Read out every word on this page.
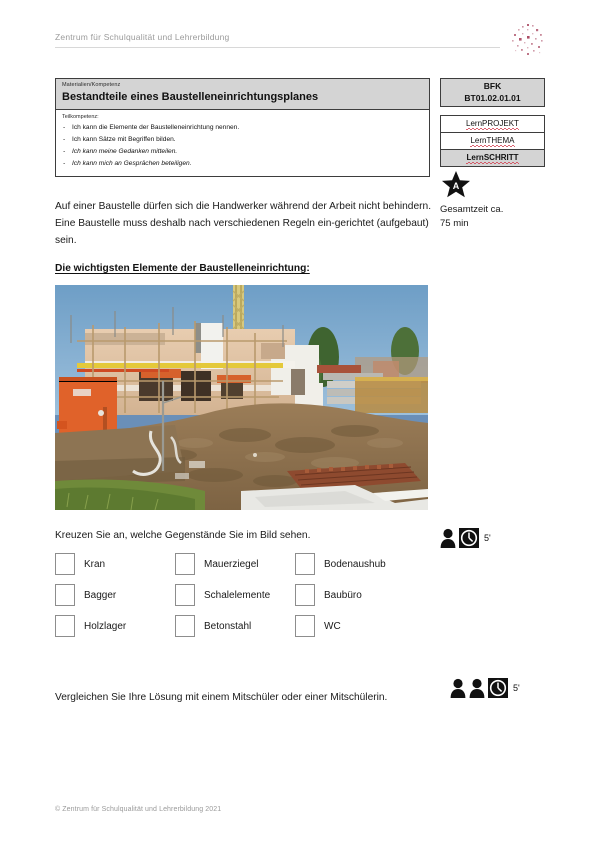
Zentrum für Schulqualität und Lehrerbildung
Materialien/Kompetenz
Bestandteile eines Baustelleneinrichtungsplanes
Teilkompetenz:
- Ich kann die Elemente der Baustelleneinrichtung nennen.
- Ich kann Sätze mit Begriffen bilden.
- Ich kann meine Gedanken mitteilen.
- Ich kann mich an Gesprächen beteiligen.
BFK
BT01.02.01.01
LernPROJEKT
LernTHEMA
LernSCHRITT
A
Gesamtzeit ca.
75 min
Auf einer Baustelle dürfen sich die Handwerker während der Arbeit nicht behindern. Eine Baustelle muss deshalb nach verschiedenen Regeln ein-gerichtet (aufgebaut) sein.
Die wichtigsten Elemente der Baustelleneinrichtung:
Kreuzen Sie an, welche Gegenstände Sie im Bild sehen.	5'
Kran	Mauerziegel	Bodenaushub
Bagger	Schalelemente	Baubüro
Holzlager	Betonstahl	WC
Vergleichen Sie Ihre Lösung mit einem Mitschüler oder einer Mitschülerin.
5'
© Zentrum für Schulqualität und Lehrerbildung 2021
